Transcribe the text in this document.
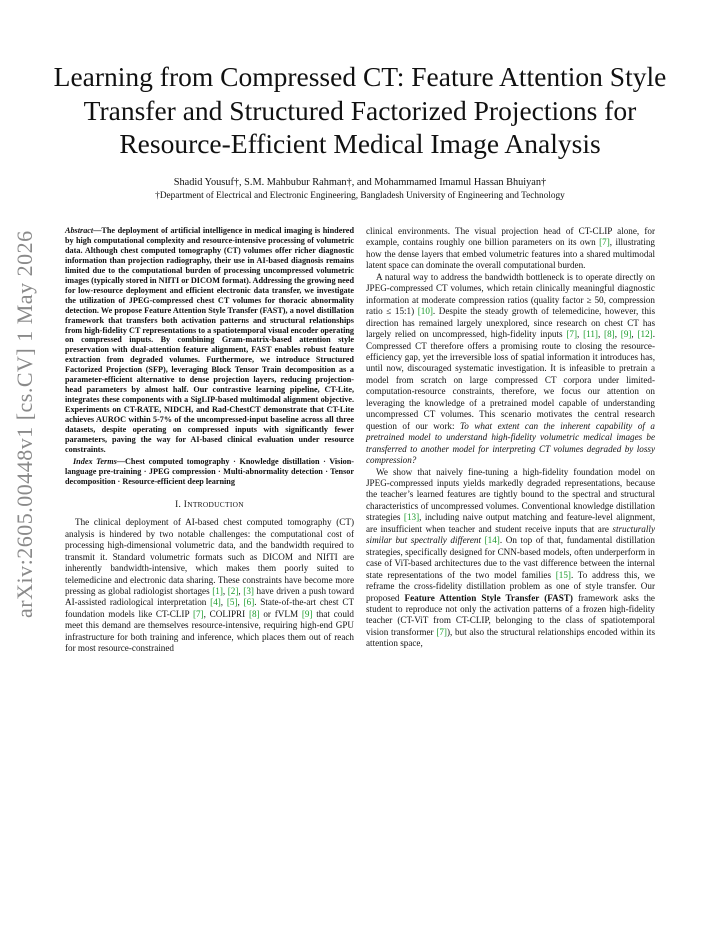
arXiv:2605.00448v1 [cs.CV] 1 May 2026
Learning from Compressed CT: Feature Attention Style Transfer and Structured Factorized Projections for Resource-Efficient Medical Image Analysis
Shadid Yousuf†, S.M. Mahbubur Rahman†, and Mohammamed Imamul Hassan Bhuiyan†
†Department of Electrical and Electronic Engineering, Bangladesh University of Engineering and Technology

Abstract—The deployment of artificial intelligence in medical imaging is hindered by high computational complexity and resource-intensive processing of volumetric data. Although chest computed tomography (CT) volumes offer richer diagnostic information than projection radiography, their use in AI-based diagnosis remains limited due to the computational burden of processing uncompressed volumetric images (typically stored in NIfTI or DICOM format). Addressing the growing need for low-resource deployment and efficient electronic data transfer, we investigate the utilization of JPEG-compressed chest CT volumes for thoracic abnormality detection. We propose Feature Attention Style Transfer (FAST), a novel distillation framework that transfers both activation patterns and structural relationships from high-fidelity CT representations to a spatiotemporal visual encoder operating on compressed inputs. By combining Gram-matrix-based attention style preservation with dual-attention feature alignment, FAST enables robust feature extraction from degraded volumes. Furthermore, we introduce Structured Factorized Projection (SFP), leveraging Block Tensor Train decomposition as a parameter-efficient alternative to dense projection layers, reducing projection-head parameters by almost half. Our contrastive learning pipeline, CT-Lite, integrates these components with a SigLIP-based multimodal alignment objective. Experiments on CT-RATE, NIDCH, and Rad-ChestCT demonstrate that CT-Lite achieves AUROC within 5-7% of the uncompressed-input baseline across all three datasets, despite operating on compressed inputs with significantly fewer parameters, paving the way for AI-based clinical evaluation under resource constraints.

Index Terms—Chest computed tomography · Knowledge distillation · Vision-language pre-training · JPEG compression · Multi-abnormality detection · Tensor decomposition · Resource-efficient deep learning

I. INTRODUCTION

The clinical deployment of AI-based chest computed tomography (CT) analysis is hindered by two notable challenges: the computational cost of processing high-dimensional volumetric data, and the bandwidth required to transmit it. Standard volumetric formats such as DICOM and NIfTI are inherently bandwidth-intensive, which makes them poorly suited to telemedicine and electronic data sharing. These constraints have become more pressing as global radiologist shortages [1], [2], [3] have driven a push toward AI-assisted radiological interpretation [4], [5], [6]. State-of-the-art chest CT foundation models like CT-CLIP [7], COLIPRI [8] or fVLM [9] that could meet this demand are themselves resource-intensive, requiring high-end GPU infrastructure for both training and inference, which places them out of reach for most resource-constrained

clinical environments. The visual projection head of CT-CLIP alone, for example, contains roughly one billion parameters on its own [7], illustrating how the dense layers that embed volumetric features into a shared multimodal latent space can dominate the overall computational burden.

A natural way to address the bandwidth bottleneck is to operate directly on JPEG-compressed CT volumes, which retain clinically meaningful diagnostic information at moderate compression ratios (quality factor ≥ 50, compression ratio ≤ 15:1) [10]. Despite the steady growth of telemedicine, however, this direction has remained largely unexplored, since research on chest CT has largely relied on uncompressed, high-fidelity inputs [7], [11], [8], [9], [12]. Compressed CT therefore offers a promising route to closing the resource-efficiency gap, yet the irreversible loss of spatial information it introduces has, until now, discouraged systematic investigation. It is infeasible to pretrain a model from scratch on large compressed CT corpora under limited-computation-resource constraints, therefore, we focus our attention on leveraging the knowledge of a pretrained model capable of understanding uncompressed CT volumes. This scenario motivates the central research question of our work: To what extent can the inherent capability of a pretrained model to understand high-fidelity volumetric medical images be transferred to another model for interpreting CT volumes degraded by lossy compression?

We show that naively fine-tuning a high-fidelity foundation model on JPEG-compressed inputs yields markedly degraded representations, because the teacher’s learned features are tightly bound to the spectral and structural characteristics of uncompressed volumes. Conventional knowledge distillation strategies [13], including naive output matching and feature-level alignment, are insufficient when teacher and student receive inputs that are structurally similar but spectrally different [14]. On top of that, fundamental distillation strategies, specifically designed for CNN-based models, often underperform in case of ViT-based architectures due to the vast difference between the internal state representations of the two model families [15]. To address this, we reframe the cross-fidelity distillation problem as one of style transfer. Our proposed Feature Attention Style Transfer (FAST) framework asks the student to reproduce not only the activation patterns of a frozen high-fidelity teacher (CT-ViT from CT-CLIP, belonging to the class of spatiotemporal vision transformer [7]), but also the structural relationships encoded within its attention space,
